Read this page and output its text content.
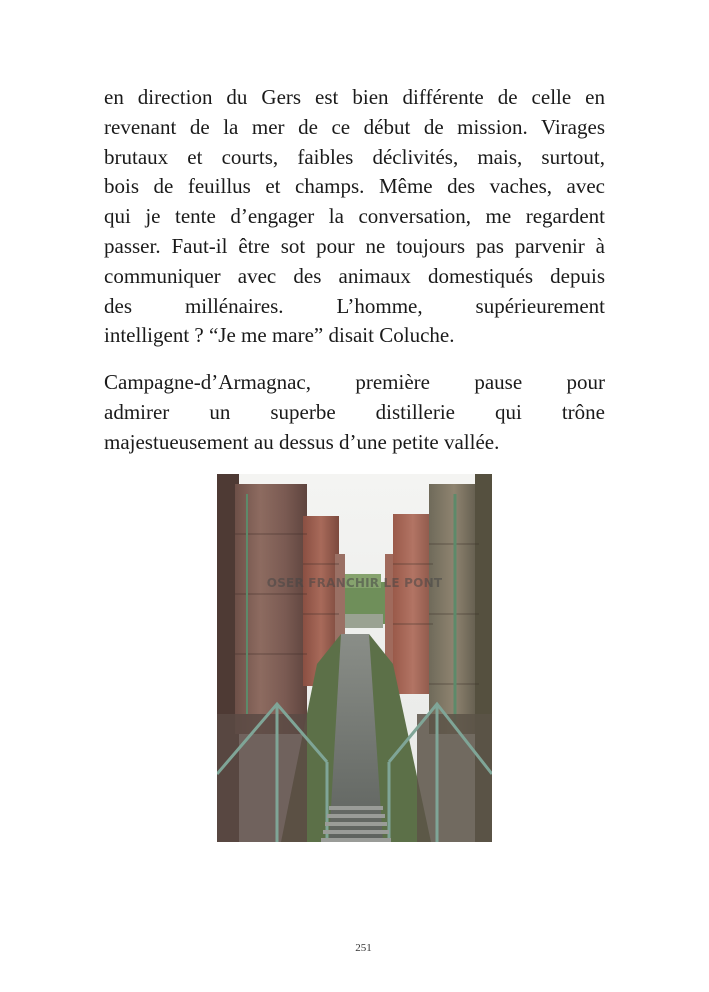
en direction du Gers est bien différente de celle en
revenant de la mer de ce début de mission. Virages
brutaux et courts, faibles déclivités, mais, surtout,
bois de feuillus et champs. Même des vaches, avec
qui je tente d’engager la conversation, me regardent
passer. Faut-il être sot pour ne toujours pas parvenir à
communiquer avec des animaux domestiqués depuis
des millénaires. L’homme, supérieurement
intelligent ? “Je me mare” disait Coluche.
Campagne-d’Armagnac, première pause pour
admirer un superbe distillerie qui trône
majestueusement au dessus d’une petite vallée.
OSER FRANCHIR LE PONT
251
